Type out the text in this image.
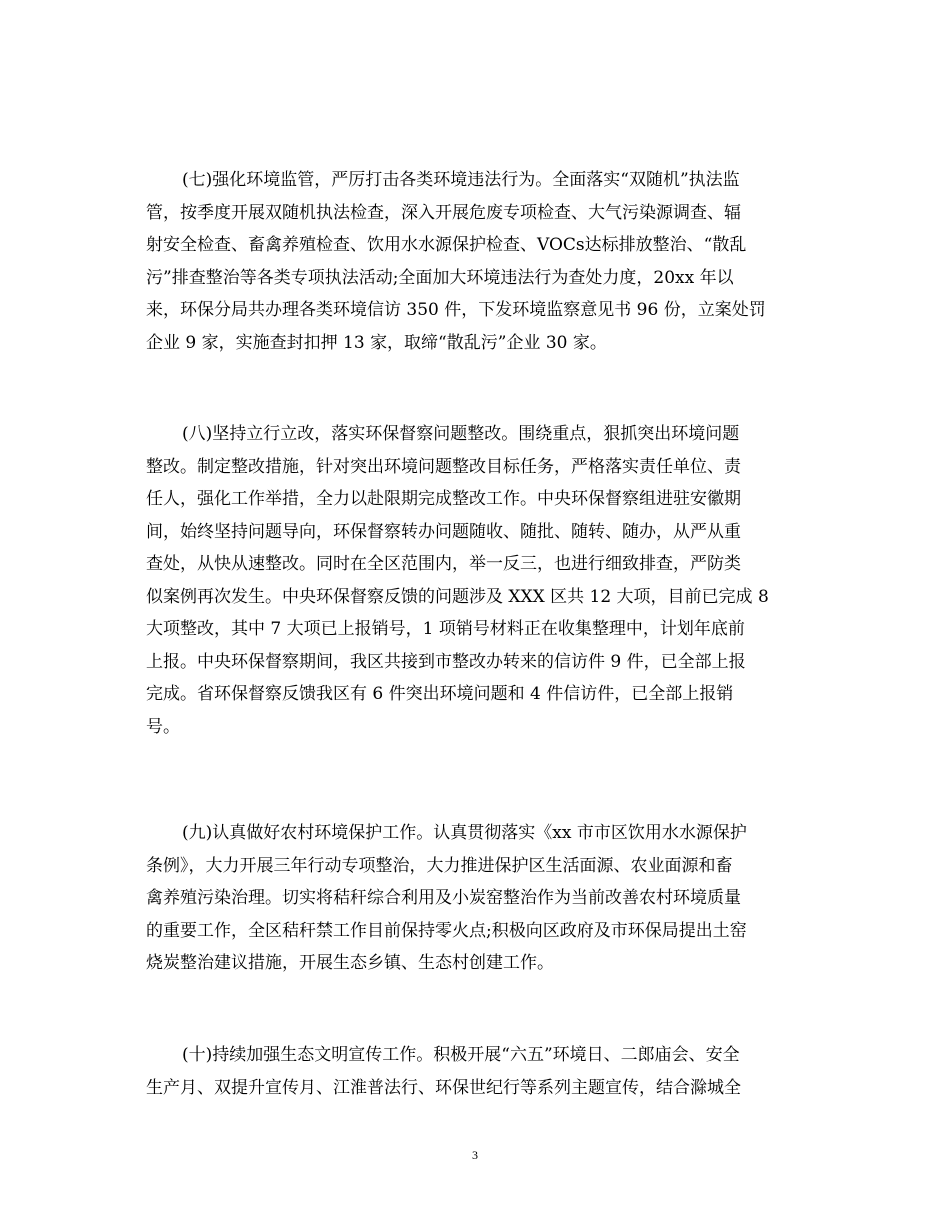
(七)强化环境监管，严厉打击各类环境违法行为。全面落实“双随机”执法监
管，按季度开展双随机执法检查，深入开展危废专项检查、大气污染源调查、辐
射安全检查、畜禽养殖检查、饮用水水源保护检查、VOCs达标排放整治、“散乱
污”排查整治等各类专项执法活动;全面加大环境违法行为查处力度，20xx 年以
来，环保分局共办理各类环境信访 350 件，下发环境监察意见书 96 份，立案处罚
企业 9 家，实施查封扣押 13 家，取缔“散乱污”企业 30 家。

(八)坚持立行立改，落实环保督察问题整改。围绕重点，狠抓突出环境问题
整改。制定整改措施，针对突出环境问题整改目标任务，严格落实责任单位、责
任人，强化工作举措，全力以赴限期完成整改工作。中央环保督察组进驻安徽期
间，始终坚持问题导向，环保督察转办问题随收、随批、随转、随办，从严从重
查处，从快从速整改。同时在全区范围内，举一反三，也进行细致排查，严防类
似案例再次发生。中央环保督察反馈的问题涉及 XXX 区共 12 大项，目前已完成 8
大项整改，其中 7 大项已上报销号，1 项销号材料正在收集整理中，计划年底前
上报。中央环保督察期间，我区共接到市整改办转来的信访件 9 件，已全部上报
完成。省环保督察反馈我区有 6 件突出环境问题和 4 件信访件，已全部上报销
号。

(九)认真做好农村环境保护工作。认真贯彻落实《xx 市市区饮用水水源保护
条例》，大力开展三年行动专项整治，大力推进保护区生活面源、农业面源和畜
禽养殖污染治理。切实将秸秆综合利用及小炭窑整治作为当前改善农村环境质量
的重要工作，全区秸秆禁工作目前保持零火点;积极向区政府及市环保局提出土窑
烧炭整治建议措施，开展生态乡镇、生态村创建工作。

(十)持续加强生态文明宣传工作。积极开展“六五”环境日、二郎庙会、安全
生产月、双提升宣传月、江淮普法行、环保世纪行等系列主题宣传，结合滁城全

3
